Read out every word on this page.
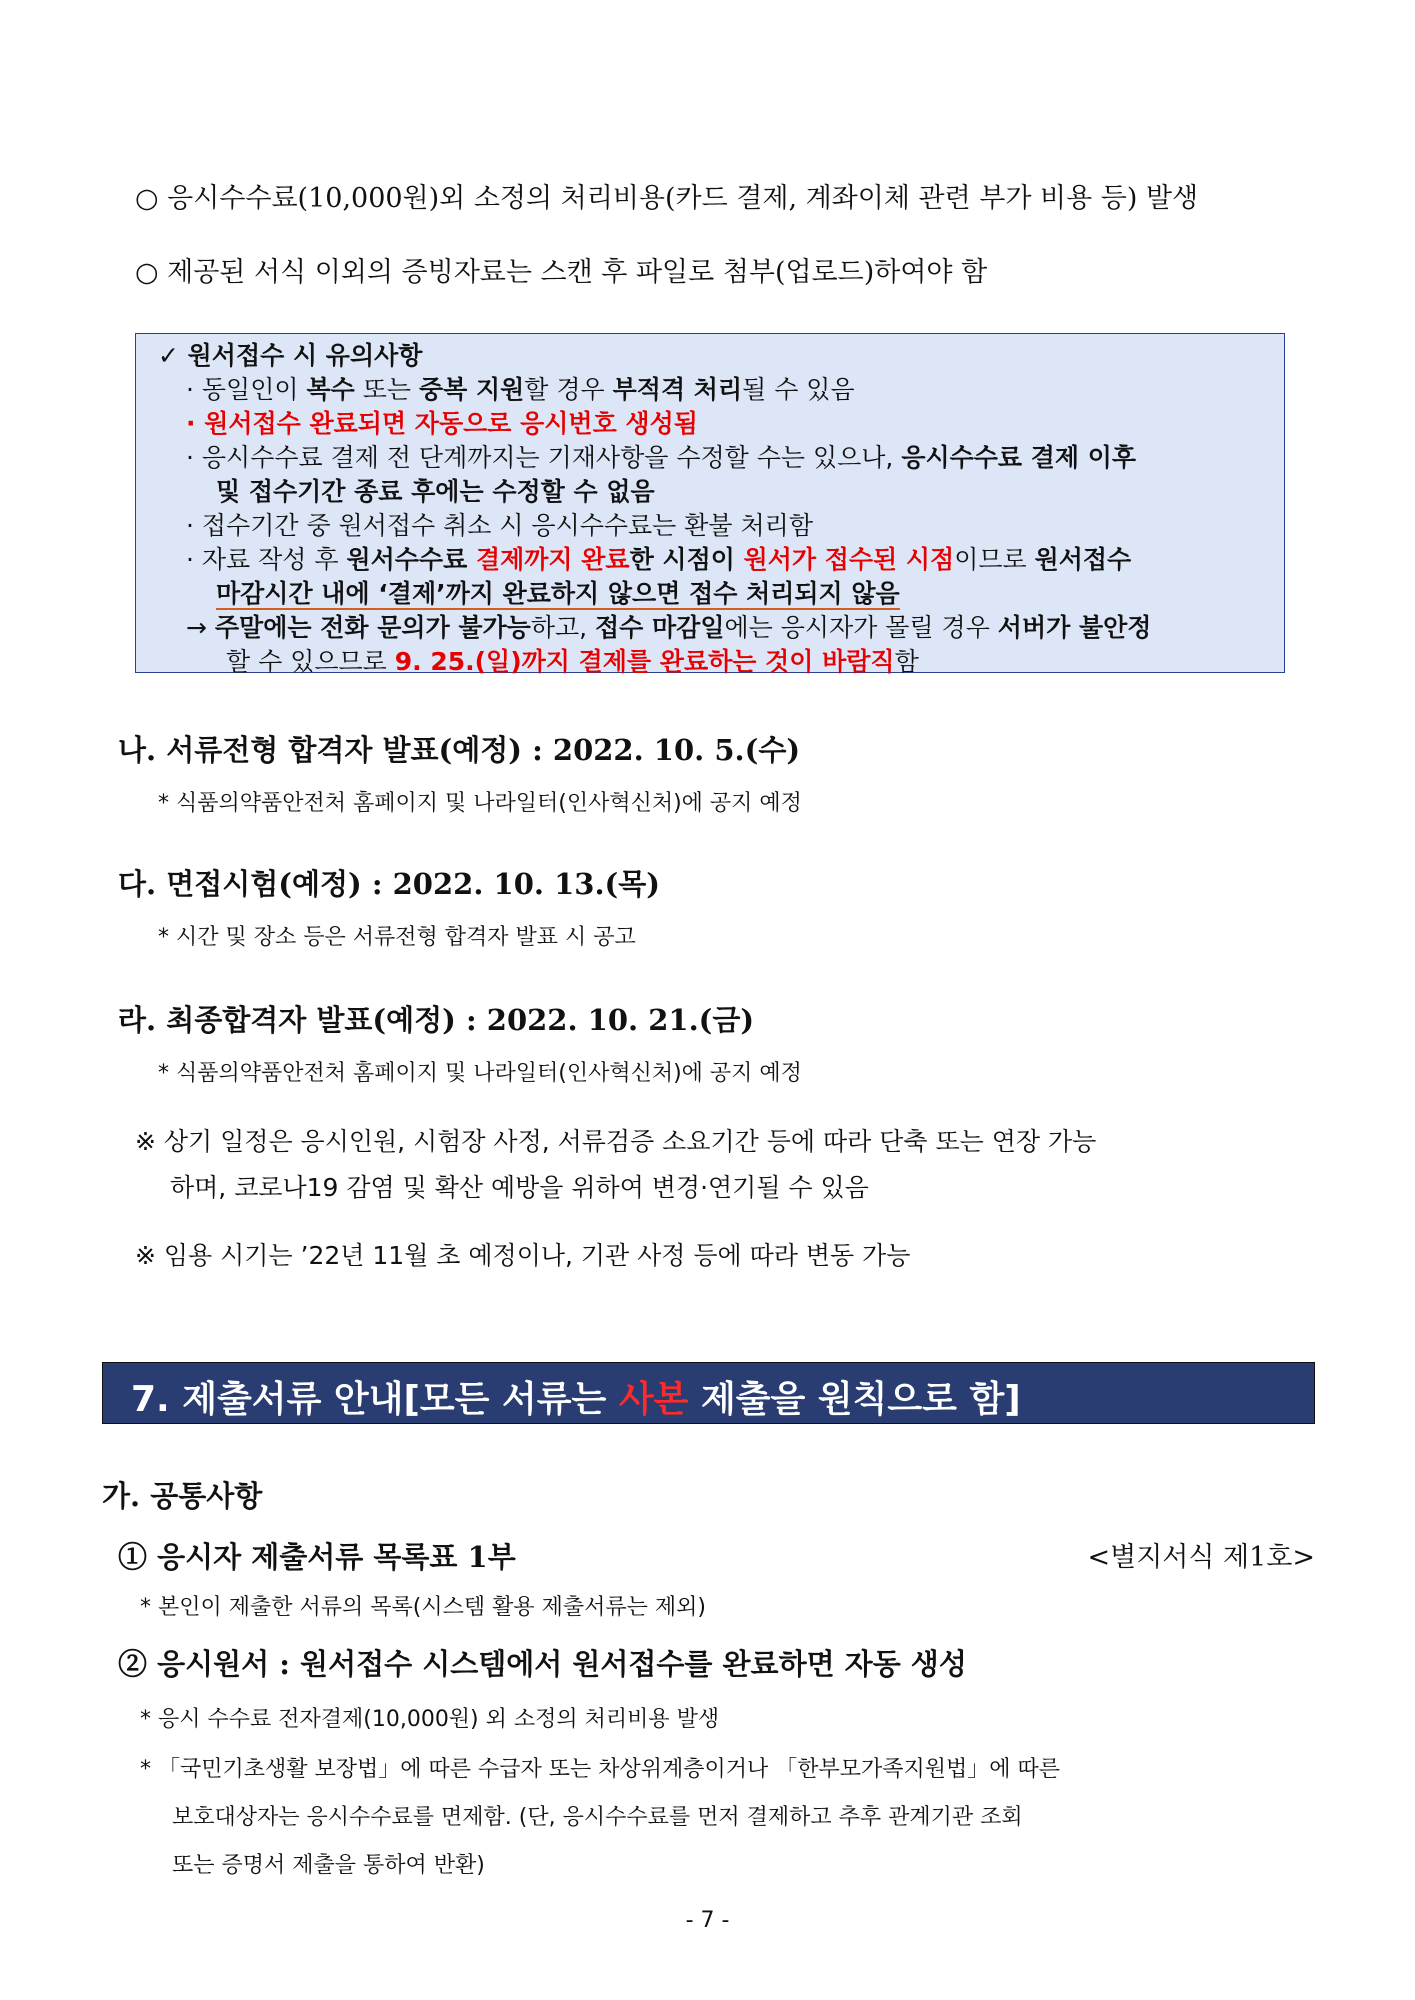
○ 응시수수료(10,000원)외 소정의 처리비용(카드 결제, 계좌이체 관련 부가 비용 등) 발생
○ 제공된 서식 이외의 증빙자료는 스캔 후 파일로 첨부(업로드)하여야 함
✓ 원서접수 시 유의사항
· 동일인이 복수 또는 중복 지원할 경우 부적격 처리될 수 있음
· 원서접수 완료되면 자동으로 응시번호 생성됨
· 응시수수료 결제 전 단계까지는 기재사항을 수정할 수는 있으나, 응시수수료 결제 이후
및 접수기간 종료 후에는 수정할 수 없음
· 접수기간 중 원서접수 취소 시 응시수수료는 환불 처리함
· 자료 작성 후 원서수수료 결제까지 완료한 시점이 원서가 접수된 시점이므로 원서접수
마감시간 내에 ‘결제’까지 완료하지 않으면 접수 처리되지 않음
→ 주말에는 전화 문의가 불가능하고, 접수 마감일에는 응시자가 몰릴 경우 서버가 불안정
할 수 있으므로 9. 25.(일)까지 결제를 완료하는 것이 바람직함
나. 서류전형 합격자 발표(예정) : 2022. 10. 5.(수)
* 식품의약품안전처 홈페이지 및 나라일터(인사혁신처)에 공지 예정
다. 면접시험(예정) : 2022. 10. 13.(목)
* 시간 및 장소 등은 서류전형 합격자 발표 시 공고
라. 최종합격자 발표(예정) : 2022. 10. 21.(금)
* 식품의약품안전처 홈페이지 및 나라일터(인사혁신처)에 공지 예정
※ 상기 일정은 응시인원, 시험장 사정, 서류검증 소요기간 등에 따라 단축 또는 연장 가능
하며, 코로나19 감염 및 확산 예방을 위하여 변경·연기될 수 있음
※ 임용 시기는 ’22년 11월 초 예정이나, 기관 사정 등에 따라 변동 가능
7. 제출서류 안내[모든 서류는 사본 제출을 원칙으로 함]
가. 공통사항
① 응시자 제출서류 목록표 1부	<별지서식 제1호>
* 본인이 제출한 서류의 목록(시스템 활용 제출서류는 제외)
② 응시원서 : 원서접수 시스템에서 원서접수를 완료하면 자동 생성
* 응시 수수료 전자결제(10,000원) 외 소정의 처리비용 발생
* 「국민기초생활 보장법」에 따른 수급자 또는 차상위계층이거나 「한부모가족지원법」에 따른
보호대상자는 응시수수료를 면제함. (단, 응시수수료를 먼저 결제하고 추후 관계기관 조회
또는 증명서 제출을 통하여 반환)
- 7 -
